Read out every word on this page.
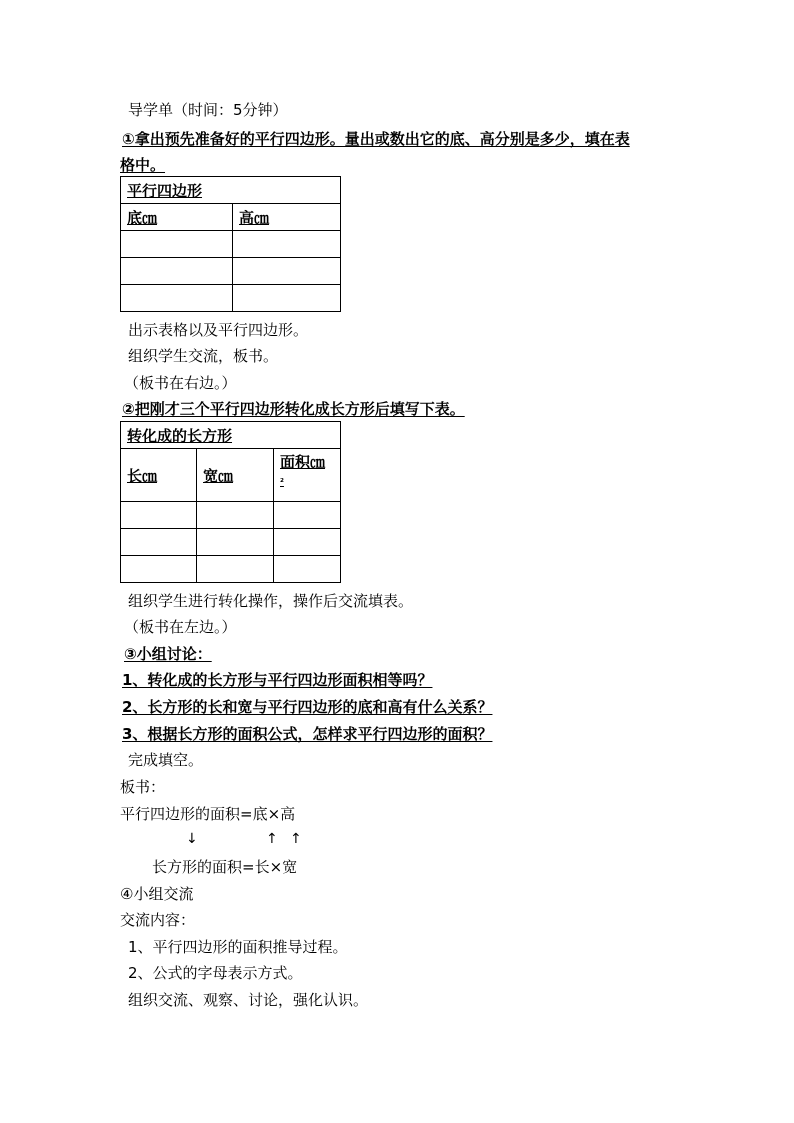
导学单（时间：5分钟）
①拿出预先准备好的平行四边形。量出或数出它的底、高分别是多少，填在表
格中。
平行四边形	
底㎝	高㎝

出示表格以及平行四边形。
组织学生交流，板书。
（板书在右边。）
②把刚才三个平行四边形转化成长方形后填写下表。
转化成的长方形		
长㎝	宽㎝	面积㎝
²

组织学生进行转化操作，操作后交流填表。
（板书在左边。）
③小组讨论：
1、转化成的长方形与平行四边形面积相等吗？
2、长方形的长和宽与平行四边形的底和高有什么关系？
3、根据长方形的面积公式，怎样求平行四边形的面积？
完成填空。
板书：
平行四边形的面积=底×高
↓	↑ ↑
长方形的面积=长×宽
④小组交流
交流内容：
1、平行四边形的面积推导过程。
2、公式的字母表示方式。
组织交流、观察、讨论，强化认识。
